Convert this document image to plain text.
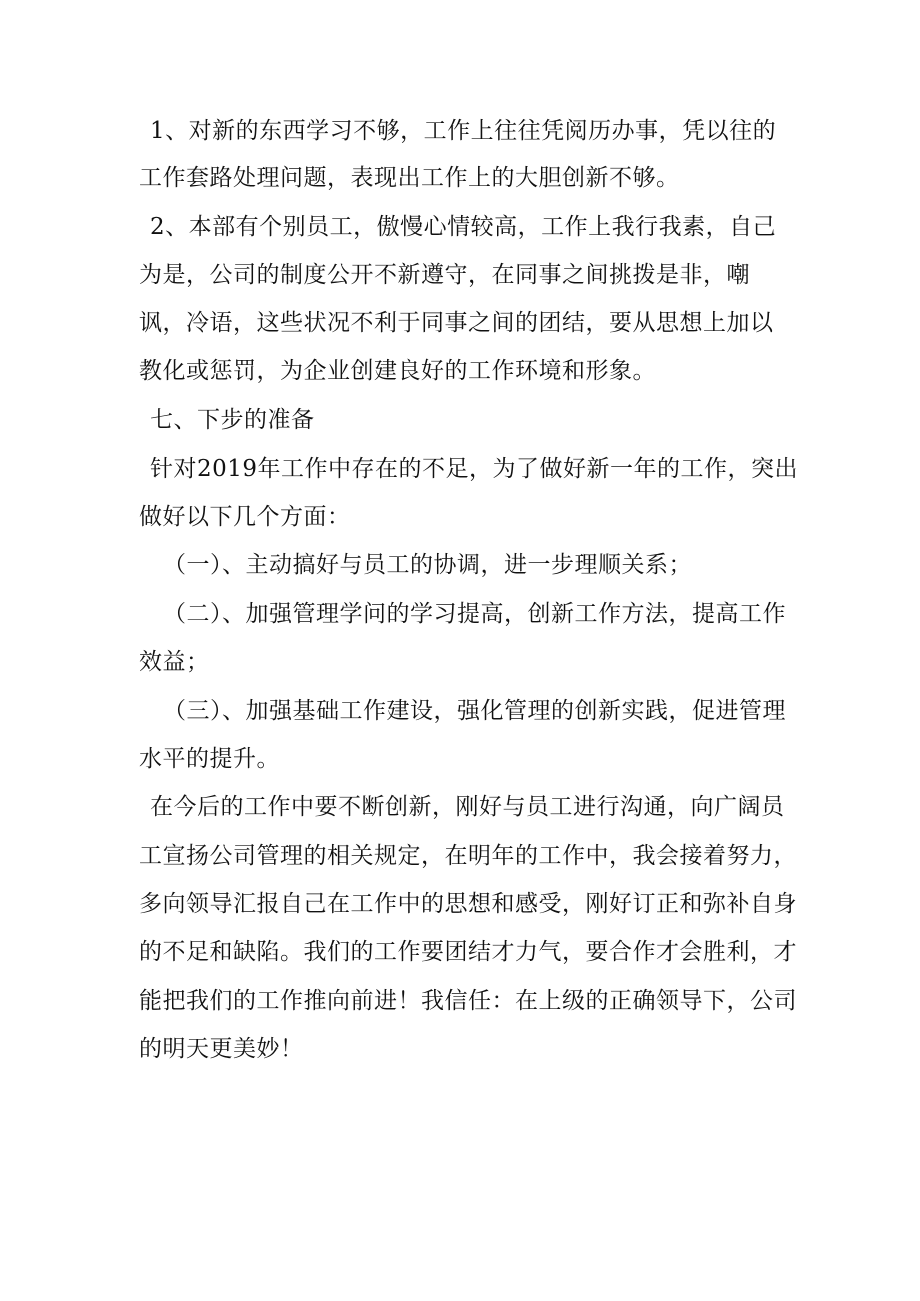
1、对新的东西学习不够，工作上往往凭阅历办事，凭以往的
工作套路处理问题，表现出工作上的大胆创新不够。
2、本部有个别员工，傲慢心情较高，工作上我行我素，自己
为是，公司的制度公开不新遵守，在同事之间挑拨是非，嘲
讽，冷语，这些状况不利于同事之间的团结，要从思想上加以
教化或惩罚，为企业创建良好的工作环境和形象。
七、下步的准备
针对2019年工作中存在的不足，为了做好新一年的工作，突出
做好以下几个方面：
（一）、主动搞好与员工的协调，进一步理顺关系；
（二）、加强管理学问的学习提高，创新工作方法，提高工作
效益；
（三）、加强基础工作建设，强化管理的创新实践，促进管理
水平的提升。
在今后的工作中要不断创新，刚好与员工进行沟通，向广阔员
工宣扬公司管理的相关规定，在明年的工作中，我会接着努力，
多向领导汇报自己在工作中的思想和感受，刚好订正和弥补自身
的不足和缺陷。我们的工作要团结才力气，要合作才会胜利，才
能把我们的工作推向前进！我信任：在上级的正确领导下，公司
的明天更美妙！
